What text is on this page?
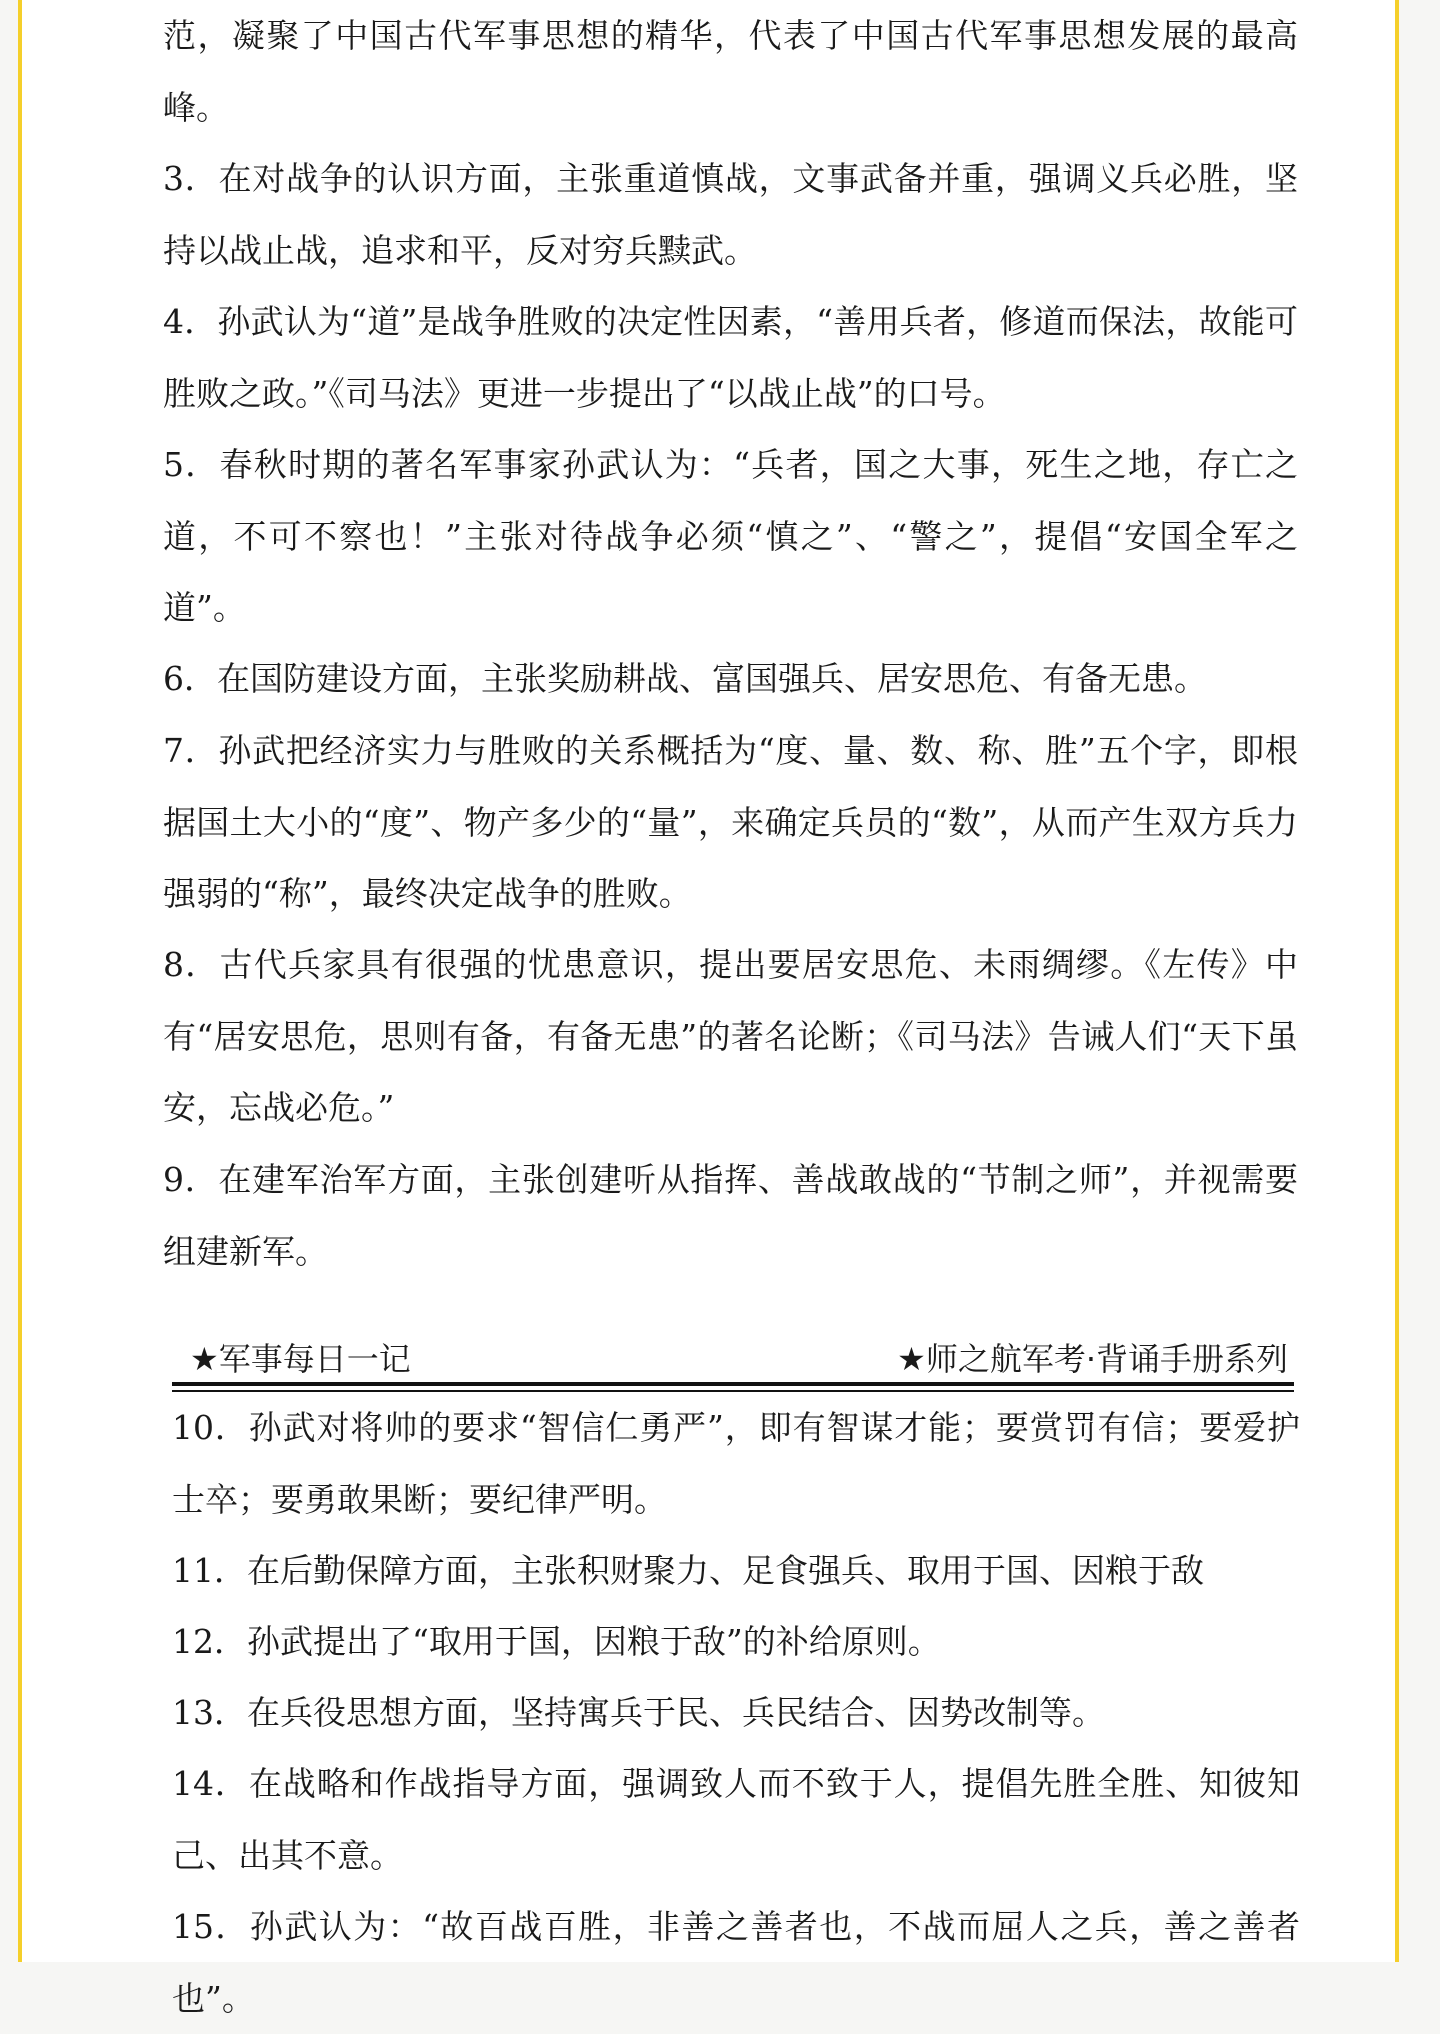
范，凝聚了中国古代军事思想的精华，代表了中国古代军事思想发展的最高峰。

3．在对战争的认识方面，主张重道慎战，文事武备并重，强调义兵必胜，坚持以战止战，追求和平，反对穷兵黩武。

4．孙武认为“道”是战争胜败的决定性因素，“善用兵者，修道而保法，故能可胜败之政。”《司马法》更进一步提出了“以战止战”的口号。

5．春秋时期的著名军事家孙武认为：“兵者，国之大事，死生之地，存亡之道，不可不察也！”主张对待战争必须“慎之”、“警之”，提倡“安国全军之道”。

6．在国防建设方面，主张奖励耕战、富国强兵、居安思危、有备无患。

7．孙武把经济实力与胜败的关系概括为“度、量、数、称、胜”五个字，即根据国土大小的“度”、物产多少的“量”，来确定兵员的“数”，从而产生双方兵力强弱的“称”，最终决定战争的胜败。

8．古代兵家具有很强的忧患意识，提出要居安思危、未雨绸缪。《左传》中有“居安思危，思则有备，有备无患”的著名论断；《司马法》告诫人们“天下虽安，忘战必危。”

9．在建军治军方面，主张创建听从指挥、善战敢战的“节制之师”，并视需要组建新军。

★军事每日一记	★师之航军考·背诵手册系列

10．孙武对将帅的要求“智信仁勇严”，即有智谋才能；要赏罚有信；要爱护士卒；要勇敢果断；要纪律严明。

11．在后勤保障方面，主张积财聚力、足食强兵、取用于国、因粮于敌

12．孙武提出了“取用于国，因粮于敌”的补给原则。

13．在兵役思想方面，坚持寓兵于民、兵民结合、因势改制等。

14．在战略和作战指导方面，强调致人而不致于人，提倡先胜全胜、知彼知己、出其不意。

15．孙武认为：“故百战百胜，非善之善者也，不战而屈人之兵，善之善者也”。
